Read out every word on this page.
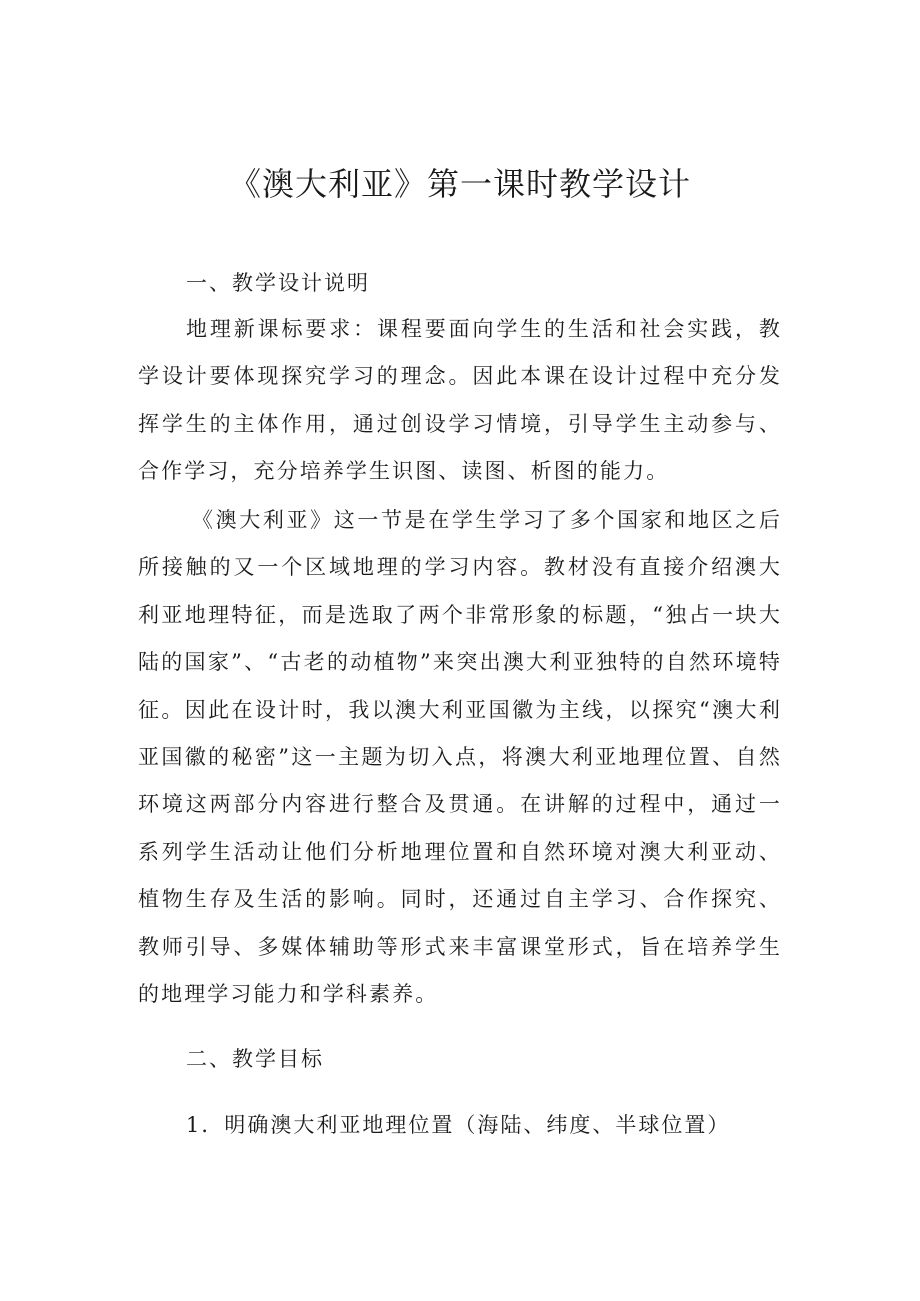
《澳大利亚》第一课时教学设计
一、教学设计说明
地理新课标要求：课程要面向学生的生活和社会实践，教学设计要体现探究学习的理念。因此本课在设计过程中充分发挥学生的主体作用，通过创设学习情境，引导学生主动参与、合作学习，充分培养学生识图、读图、析图的能力。
《澳大利亚》这一节是在学生学习了多个国家和地区之后所接触的又一个区域地理的学习内容。教材没有直接介绍澳大利亚地理特征，而是选取了两个非常形象的标题，“独占一块大陆的国家”、“古老的动植物”来突出澳大利亚独特的自然环境特征。因此在设计时，我以澳大利亚国徽为主线，以探究“澳大利亚国徽的秘密”这一主题为切入点，将澳大利亚地理位置、自然环境这两部分内容进行整合及贯通。在讲解的过程中，通过一系列学生活动让他们分析地理位置和自然环境对澳大利亚动、植物生存及生活的影响。同时，还通过自主学习、合作探究、教师引导、多媒体辅助等形式来丰富课堂形式，旨在培养学生的地理学习能力和学科素养。
二、教学目标
1．明确澳大利亚地理位置（海陆、纬度、半球位置）
